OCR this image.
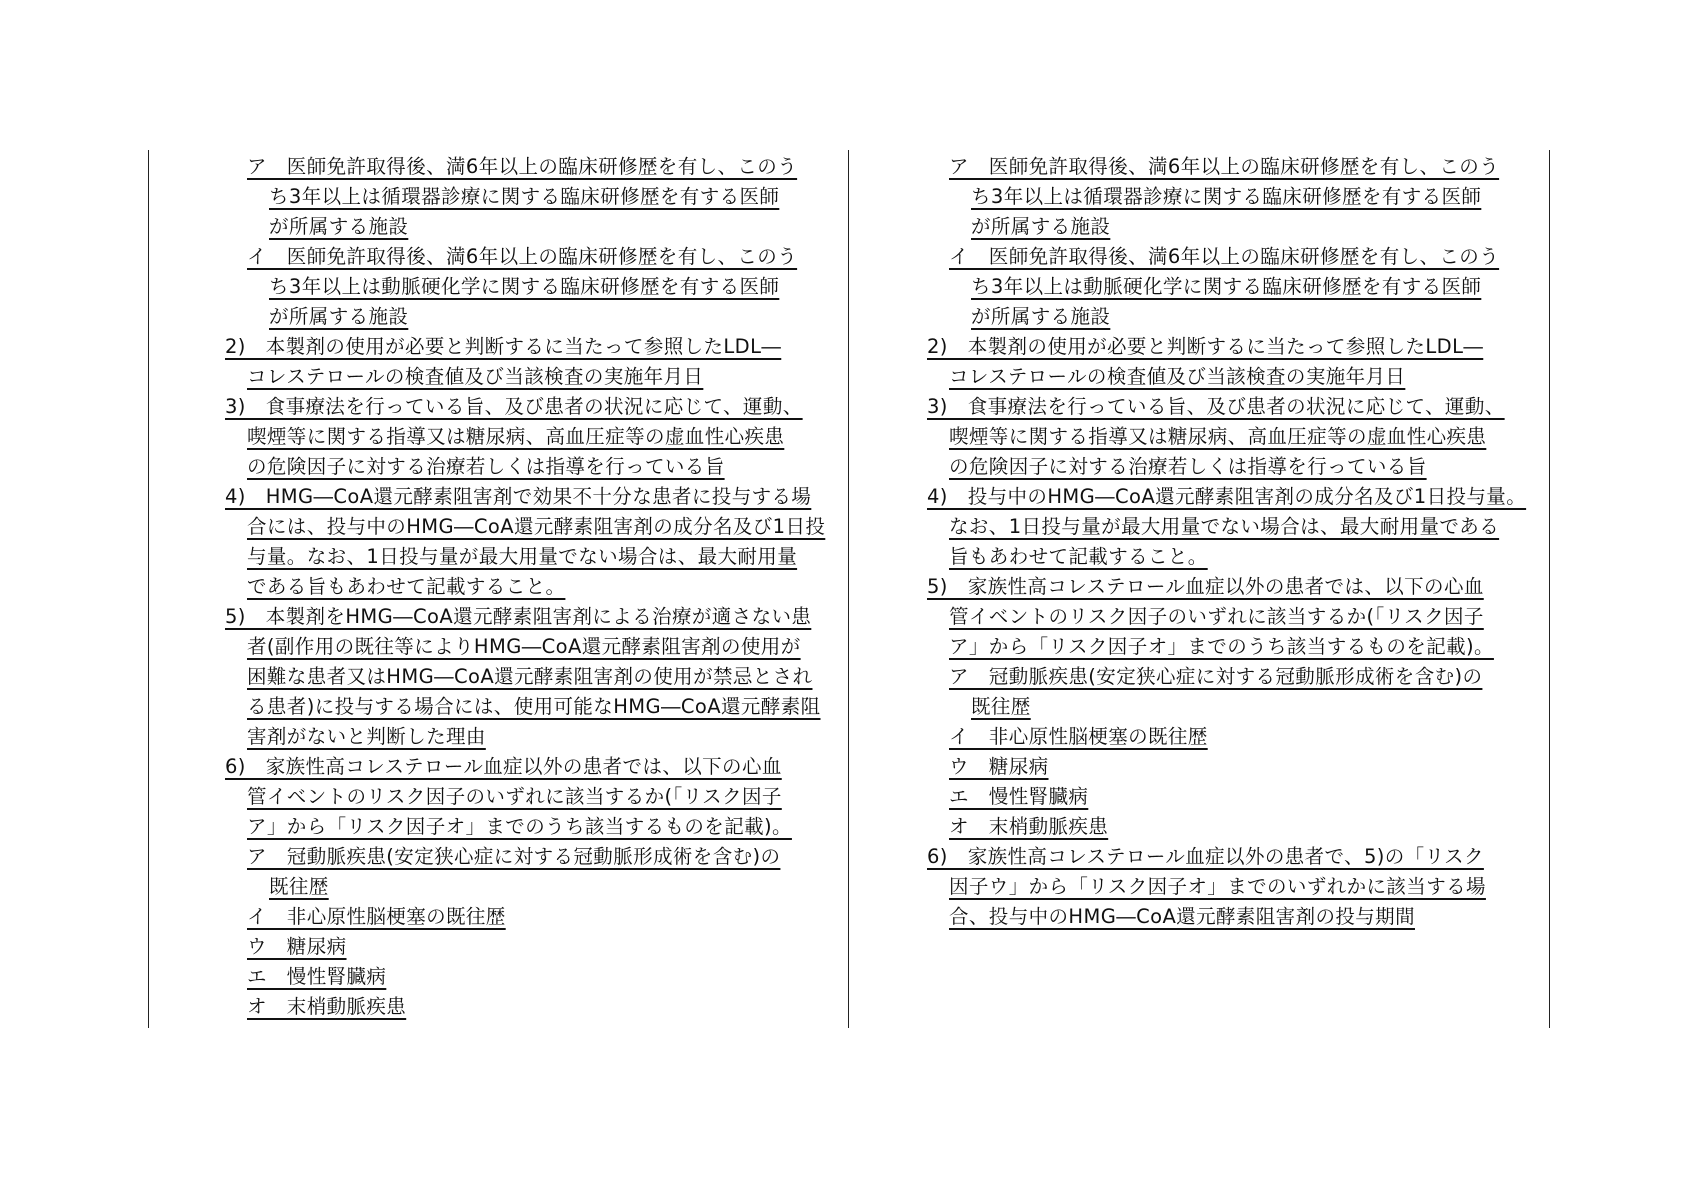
ア　医師免許取得後、満6年以上の臨床研修歴を有し、このう
ち3年以上は循環器診療に関する臨床研修歴を有する医師
が所属する施設
イ　医師免許取得後、満6年以上の臨床研修歴を有し、このう
ち3年以上は動脈硬化学に関する臨床研修歴を有する医師
が所属する施設
2)　本製剤の使用が必要と判断するに当たって参照したLDL―
コレステロールの検査値及び当該検査の実施年月日
3)　食事療法を行っている旨、及び患者の状況に応じて、運動、
喫煙等に関する指導又は糖尿病、高血圧症等の虚血性心疾患
の危険因子に対する治療若しくは指導を行っている旨
4)　HMG―CoA還元酵素阻害剤で効果不十分な患者に投与する場
合には、投与中のHMG―CoA還元酵素阻害剤の成分名及び1日投
与量。なお、1日投与量が最大用量でない場合は、最大耐用量
である旨もあわせて記載すること。
5)　本製剤をHMG―CoA還元酵素阻害剤による治療が適さない患
者(副作用の既往等によりHMG―CoA還元酵素阻害剤の使用が
困難な患者又はHMG―CoA還元酵素阻害剤の使用が禁忌とされ
る患者)に投与する場合には、使用可能なHMG―CoA還元酵素阻
害剤がないと判断した理由
6)　家族性高コレステロール血症以外の患者では、以下の心血
管イベントのリスク因子のいずれに該当するか(「リスク因子
ア」から「リスク因子オ」までのうち該当するものを記載)。
ア　冠動脈疾患(安定狭心症に対する冠動脈形成術を含む)の
既往歴
イ　非心原性脳梗塞の既往歴
ウ　糖尿病
エ　慢性腎臓病
オ　末梢動脈疾患
ア　医師免許取得後、満6年以上の臨床研修歴を有し、このう
ち3年以上は循環器診療に関する臨床研修歴を有する医師
が所属する施設
イ　医師免許取得後、満6年以上の臨床研修歴を有し、このう
ち3年以上は動脈硬化学に関する臨床研修歴を有する医師
が所属する施設
2)　本製剤の使用が必要と判断するに当たって参照したLDL―
コレステロールの検査値及び当該検査の実施年月日
3)　食事療法を行っている旨、及び患者の状況に応じて、運動、
喫煙等に関する指導又は糖尿病、高血圧症等の虚血性心疾患
の危険因子に対する治療若しくは指導を行っている旨
4)　投与中のHMG―CoA還元酵素阻害剤の成分名及び1日投与量。
なお、1日投与量が最大用量でない場合は、最大耐用量である
旨もあわせて記載すること。
5)　家族性高コレステロール血症以外の患者では、以下の心血
管イベントのリスク因子のいずれに該当するか(「リスク因子
ア」から「リスク因子オ」までのうち該当するものを記載)。
ア　冠動脈疾患(安定狭心症に対する冠動脈形成術を含む)の
既往歴
イ　非心原性脳梗塞の既往歴
ウ　糖尿病
エ　慢性腎臓病
オ　末梢動脈疾患
6)　家族性高コレステロール血症以外の患者で、5)の「リスク
因子ウ」から「リスク因子オ」までのいずれかに該当する場
合、投与中のHMG―CoA還元酵素阻害剤の投与期間
